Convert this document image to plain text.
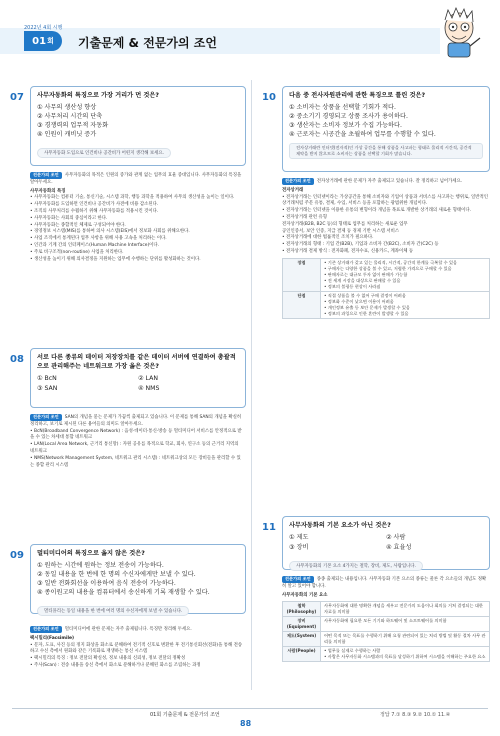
2022년 4회 시행
01 회 기출문제 & 전문가의 조언
07 사무자동화의 특징으로 가장 거리가 먼 것은?
① 사무의 생산성 향상
② 사무처리 시간의 단축
③ 경쟁력의 업무적 자동화
④ 인원이 캐비닛 증가
사무자동화 도입으로 인건비나 공간비가 어떤지 생각해 보세요.
전문가의 조언 사무자동화의 목적은 인원의 증가와 관계 없는 업무의 효율 증대입니다. 사무자동화의 특징을 알아두세요.
사무자동화의 특징
• 사무자동화는 컴퓨터 기술, 통신기술, 시스템 과학, 행동 과학을 적용하여 사무의 생산성을 높이는 일이다.
• 사무자동화를 도입하면 인건비나 공간비가 사전에 비용 감소된다.
• 조직의 사무처리를 수월하기 위해 사무자동화를 적용시킨 것이다.
• 사무자동화는 사회의 중심이라고 한다.
• 사무자동화는 종합적인 체제로 구성되어야 한다.
• 경영정보 시스템(MIS)를 통하여 의사 시스템(EIS)에서 정보화 사회를 위해요한다.
• 사업 조직에서 통계된다 업무 사항을 위해 사용 고속을 처리하는 이다.
• 인간과 기계 간의 인터페이스(Human Machine Interface)이다.
• 주로 비구조적(non-routine) 사업을 처리한다.
• 생산성을 높이기 위해 의사결정을 지원하는 업무에 수행하는 단위를 활성화하는 것이다.
08 서로 다른 종류의 데이터 저장장치를 같은 데이터 서버에 연결하여 총괄적으로 관리해주는 네트워크로 가장 옳은 것은?
① BcN	② LAN
③ SAN	④ NMS
전문가의 조언 SAN의 개념을 묻는 문제가 가끔씩 출제되고 있습니다. 이 문제를 통해 SAN의 개념을 확실히 정리하고, 보기로 제시된 다른 용어들의 의미도 알아두세요.
• BcN(Broadband Convergence Network) : 음성·데이터·통신·방송 등 멀티미디어 서비스를 안정적으로 받을 수 있는 차세대 통합 네트워크
• LAN(Local Area Network, 근거리 통신망) : 자원 공유를 목적으로 학교, 회사, 연구소 등의 근거리 지역의 네트워크
• NMS(Network Management System, 네트워크 관리 시스템) : 네트워크상의 모든 장비들을 관리할 수 있는 종합 관리 시스템
09 멀티미디어의 특징으로 옳지 않은 것은?
① 원하는 시간에 원하는 정보 전송이 가능하다.
② 동일 내용을 한 번에 한 명의 수신자에게만 보낼 수 있다.
③ 일반 전화회선을 이용하여 음식 전송이 가능하다.
④ 종이원고의 내용을 컴퓨터에서 송신하게 기록 재생할 수 있다.
멀티플리는 동일 내용을 한 번에 여러 명의 수신자에게 보낼 수 있습니다.
전문가의 조언 멀티미디어에 관한 문제는 자주 출제됩니다. 특징만 정리해 두세요.
팩시밀리(Facsimile)
• 문자, 도표, 사진 등의 정지 화상을 화소로 분해하여 전기적 신호로 변환한 후 전기통신회선(전화)을 통해 전송하고 수신 측에서 원화와 같은 기록화로 재생하는 통신 시스템
• 팩시밀리의 특징 : 정보 전달의 확실성, 정보 내용의 신뢰성, 정보 전달의 정확성
• 주사(Scan) : 전송 내용을 송신 측에서 화소로 분해하거나 분해된 화소를 조립하는 과정
10 다음 중 전사자원관리에 관한 특징으로 틀린 것은?
① 소비자는 상품을 선택할 기회가 적다.
② 중소기기 경영되고 상품 조사가 용이하다.
③ 생산자는 소비자 정보가 수집 가능하다.
④ 근로자는 시공간을 초월하여 업무를 수행할 수 있다.
전자상거래란 인터넷(전자적)인 가상 공간을 통해 상품을 사고파는 형태로 물리적 시간적, 공간적 제약을 받지 않으므로 소비자는 상품을 선택할 기회가 많습니다.
전문가의 조언 전자상거래에 관한 문제가 자주 출제되고 있습니다. 잘 정리하고 넘어가세요.
전자상거래
• 전자상거래는 인터넷이라는 가상공간을 통해 소비자와 기업이 상품과 서비스를 사고파는 행위로, 일반적인 상거래처럼 주문 유통, 결제, 수입, 서비스 등을 포함하는 광범위한 개념이다.
• 전자상거래는 인터넷을 이용한 유통의 변형이라 개념을 목표로 개발한 상거래의 새로운 형태이다.
• 전자상거래 관련 유형
전자상거래(B2B, B2C 등)의 형태로 업무를 처리하는 새로운 업무
공인인증서, 보안 인증, 지급 결제 등 경제 기반 시스템 서비스
• 전자상거래에 대한 법률적인 조치가 필요하다.
• 전자상거래의 형태 : 기업 간(B2B), 기업과 소비자 간(B2C), 소비자 간(C2C) 등
• 전자상거래 결제 방식 : 전자화폐, 전자수표, 신용카드, 계좌이체 등
장점	• 기존 상거래가 갖고 있는 물리적, 시간적, 공간적 한계를 극복할 수 있음
• 구매자는 다양한 상품을 볼 수 있고, 저렴한 가격으로 구매할 수 있음
• 판매자로는 대규모 투자 없이 판매가 가능함
• 전 세계 시장을 대상으로 판매할 수 있음
• 정보의 불평등 현상이 사라짐

단점	• 직접 상품을 볼 수 없어 구매 결정이 어려움
• 정보화 수준이 낮으면 이용이 어려움
• 개인정보 유출 등 보안 문제가 발생할 수 있음
• 정보의 과잉으로 인한 혼란이 발생할 수 있음
11 사무자동화의 기본 요소가 아닌 것은?
① 제도	② 사람
③ 장비	④ 효율성
사무자동화의 기본 요소 4가지는 철학, 장비, 제도, 사람입니다.
전문가의 조언 종종 출제되는 내용입니다. 사무자동화 기본 요소의 종류는 물론 각 요소들의 개념도 정확히 알고 있어야 합니다.
사무자동화의 기본 요소
철학(Philosophy)	사무자동화에 대한 명확한 개념을 세우고 전문가의 도움이나 회의를 거쳐 결정되는 대한 자료를 의미함
장비(Equipment)	사무자동화에 필요한 모든 기기와 하드웨어 및 소프트웨어를 의미함
제도(System)	어떤 목적 또는 목표를 수행하기 위해 요청 관련되어 있는 처리 방법 및 활동 절차 사무 관리를 의미함
사람(People)	• 업무를 실제로 수행하는 사람
• 사람은 사무자동화 시스템과의 목표를 달성하기 위하여 시스템을 이해하는 주요한 요소
01회 기출문제 & 전문가의 조언
88
정답 7.① 8.③ 9.② 10.① 11.④
